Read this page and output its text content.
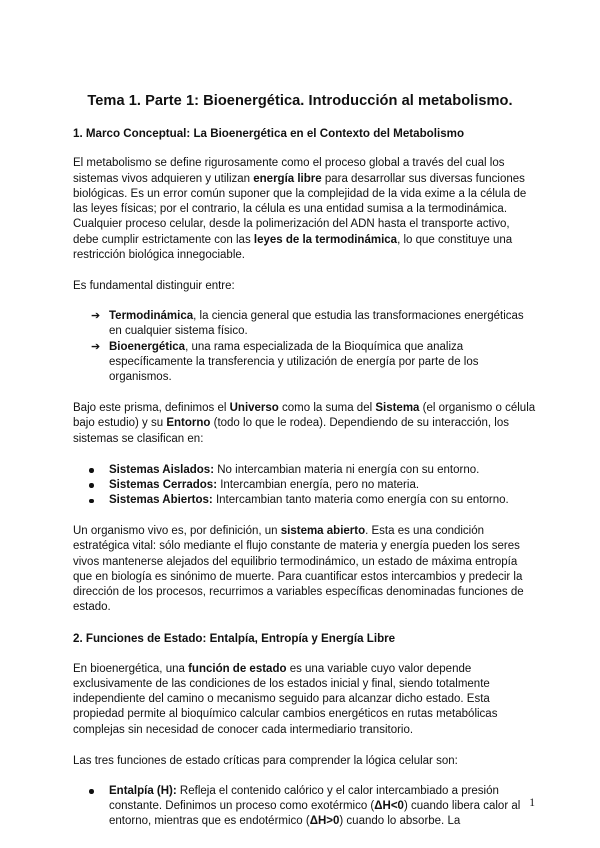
Tema 1. Parte 1: Bioenergética. Introducción al metabolismo.

1. Marco Conceptual: La Bioenergética en el Contexto del Metabolismo

El metabolismo se define rigurosamente como el proceso global a través del cual los sistemas vivos adquieren y utilizan energía libre para desarrollar sus diversas funciones biológicas. Es un error común suponer que la complejidad de la vida exime a la célula de las leyes físicas; por el contrario, la célula es una entidad sumisa a la termodinámica. Cualquier proceso celular, desde la polimerización del ADN hasta el transporte activo, debe cumplir estrictamente con las leyes de la termodinámica, lo que constituye una restricción biológica innegociable.

Es fundamental distinguir entre:

➔ Termodinámica, la ciencia general que estudia las transformaciones energéticas en cualquier sistema físico.
➔ Bioenergética, una rama especializada de la Bioquímica que analiza específicamente la transferencia y utilización de energía por parte de los organismos.

Bajo este prisma, definimos el Universo como la suma del Sistema (el organismo o célula bajo estudio) y su Entorno (todo lo que le rodea). Dependiendo de su interacción, los sistemas se clasifican en:

Sistemas Aislados: No intercambian materia ni energía con su entorno.
Sistemas Cerrados: Intercambian energía, pero no materia.
Sistemas Abiertos: Intercambian tanto materia como energía con su entorno.

Un organismo vivo es, por definición, un sistema abierto. Esta es una condición estratégica vital: sólo mediante el flujo constante de materia y energía pueden los seres vivos mantenerse alejados del equilibrio termodinámico, un estado de máxima entropía que en biología es sinónimo de muerte. Para cuantificar estos intercambios y predecir la dirección de los procesos, recurrimos a variables específicas denominadas funciones de estado.

2. Funciones de Estado: Entalpía, Entropía y Energía Libre

En bioenergética, una función de estado es una variable cuyo valor depende exclusivamente de las condiciones de los estados inicial y final, siendo totalmente independiente del camino o mecanismo seguido para alcanzar dicho estado. Esta propiedad permite al bioquímico calcular cambios energéticos en rutas metabólicas complejas sin necesidad de conocer cada intermediario transitorio.

Las tres funciones de estado críticas para comprender la lógica celular son:

Entalpía (H): Refleja el contenido calórico y el calor intercambiado a presión constante. Definimos un proceso como exotérmico (ΔH<0) cuando libera calor al entorno, mientras que es endotérmico (ΔH>0) cuando lo absorbe. La
1
